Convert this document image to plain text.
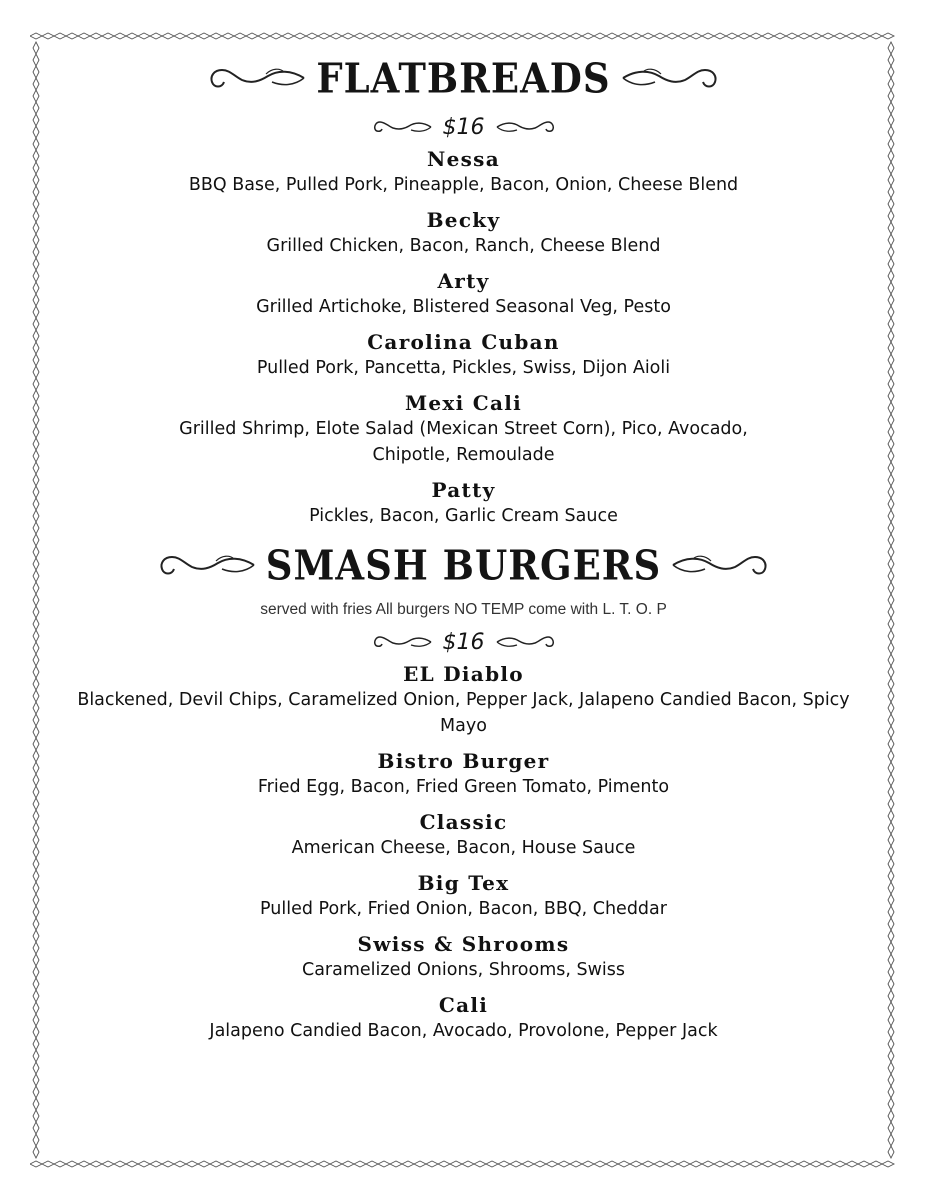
FLATBREADS
$16
Nessa
BBQ Base, Pulled Pork, Pineapple, Bacon, Onion, Cheese Blend
Becky
Grilled Chicken, Bacon, Ranch, Cheese Blend
Arty
Grilled Artichoke, Blistered Seasonal Veg, Pesto
Carolina Cuban
Pulled Pork, Pancetta, Pickles, Swiss, Dijon Aioli
Mexi Cali
Grilled Shrimp, Elote Salad (Mexican Street Corn), Pico, Avocado, Chipotle, Remoulade
Patty
Pickles, Bacon, Garlic Cream Sauce
SMASH BURGERS
served with fries All burgers NO TEMP come with L. T. O. P
$16
EL Diablo
Blackened, Devil Chips, Caramelized Onion, Pepper Jack, Jalapeno Candied Bacon, Spicy Mayo
Bistro Burger
Fried Egg, Bacon, Fried Green Tomato, Pimento
Classic
American Cheese, Bacon, House Sauce
Big Tex
Pulled Pork, Fried Onion, Bacon, BBQ, Cheddar
Swiss & Shrooms
Caramelized Onions, Shrooms, Swiss
Cali
Jalapeno Candied Bacon, Avocado, Provolone, Pepper Jack
